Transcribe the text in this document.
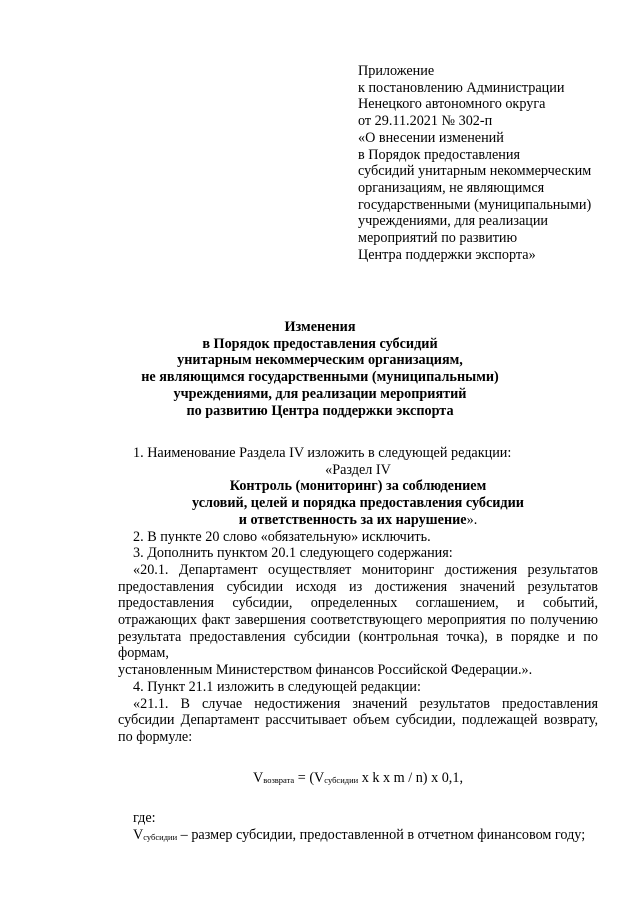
Приложение
к постановлению Администрации
Ненецкого автономного округа
от 29.11.2021 № 302-п
«О внесении изменений
в Порядок предоставления
субсидий унитарным некоммерческим
организациям, не являющимся
государственными (муниципальными)
учреждениями, для реализации
мероприятий по развитию
Центра поддержки экспорта»
Изменения
в Порядок предоставления субсидий
унитарным некоммерческим организациям,
не являющимся государственными (муниципальными)
учреждениями, для реализации мероприятий
по развитию Центра поддержки экспорта
1. Наименование Раздела IV изложить в следующей редакции:
«Раздел IV
Контроль (мониторинг) за соблюдением
условий, целей и порядка предоставления субсидии
и ответственность за их нарушение».
2. В пункте 20 слово «обязательную» исключить.
3. Дополнить пунктом 20.1 следующего содержания:
«20.1. Департамент осуществляет мониторинг достижения результатов предоставления субсидии исходя из достижения значений результатов предоставления субсидии, определенных соглашением, и событий, отражающих факт завершения соответствующего мероприятия по получению результата предоставления субсидии (контрольная точка), в порядке и по формам,
установленным Министерством финансов Российской Федерации.».
4. Пункт 21.1 изложить в следующей редакции:
«21.1. В случае недостижения значений результатов предоставления субсидии Департамент рассчитывает объем субсидии, подлежащей возврату,
по формуле:
Vвозврата = (Vсубсидии x k x m / n) x 0,1,
где:
Vсубсидии – размер субсидии, предоставленной в отчетном финансовом году;
